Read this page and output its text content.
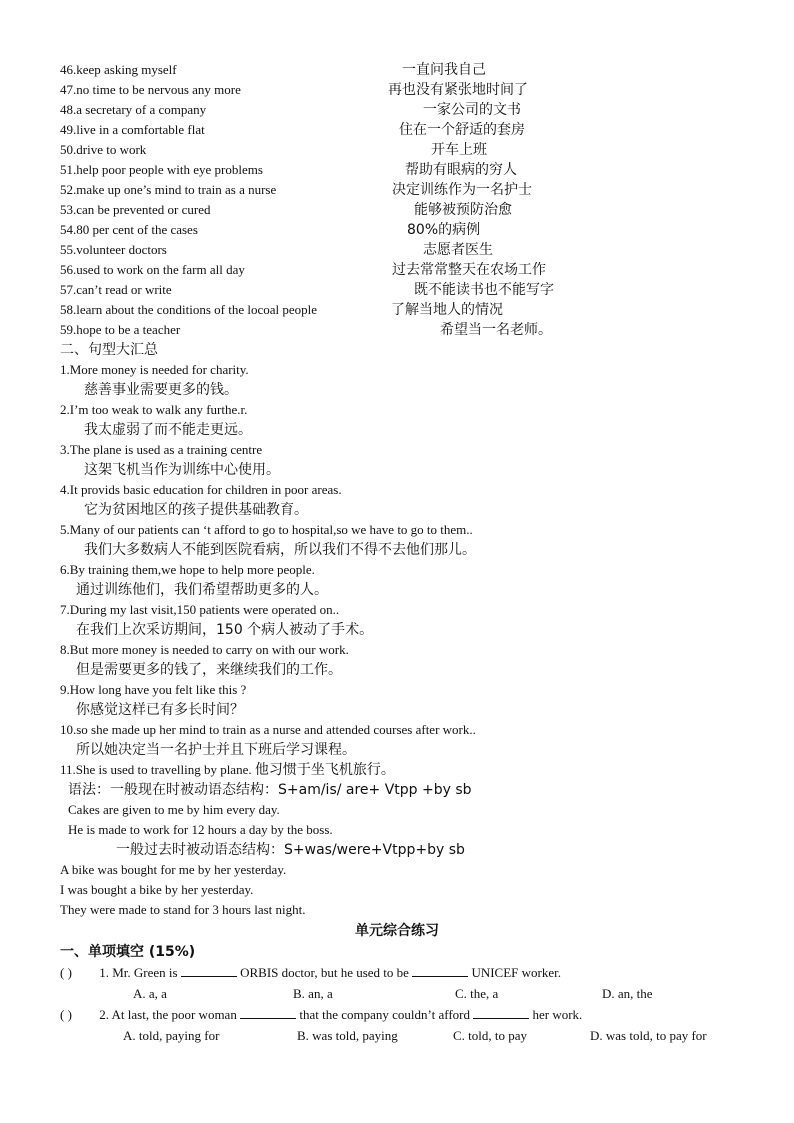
46.keep asking myself	一直问我自己
47.no time to be nervous any more	再也没有紧张地时间了
48.a secretary of a company	一家公司的文书
49.live in a comfortable flat	住在一个舒适的套房
50.drive to work	开车上班
51.help poor people with eye problems	帮助有眼病的穷人
52.make up one’s mind to train as a nurse	决定训练作为一名护士
53.can be prevented or cured	能够被预防治愈
54.80 per cent of the cases	80%的病例
55.volunteer doctors	志愿者医生
56.used to work on the farm all day	过去常常整天在农场工作
57.can’t read or write	既不能读书也不能写字
58.learn about the conditions of the locoal people	了解当地人的情况
59.hope to be a teacher	希望当一名老师。
二、句型大汇总
1.More money is needed for charity.
慈善事业需要更多的钱。
2.I’m too weak to walk any furthe.r.
我太虚弱了而不能走更远。
3.The plane is used as a training centre
这架飞机当作为训练中心使用。
4.It provids basic education for children in poor areas.
它为贫困地区的孩子提供基础教育。
5.Many of our patients can ‘t afford to go to hospital,so we have to go to them..
我们大多数病人不能到医院看病，所以我们不得不去他们那儿。
6.By training them,we hope to help more people.
通过训练他们，我们希望帮助更多的人。
7.During my last visit,150 patients were operated on..
在我们上次采访期间，150 个病人被动了手术。
8.But more money is needed to carry on with our work.
但是需要更多的钱了，来继续我们的工作。
9.How long have you felt like this ?
你感觉这样已有多长时间？
10.so she made up her mind to train as a nurse and attended courses after work..
所以她决定当一名护士并且下班后学习课程。
11.She is used to travelling by plane. 他习惯于坐飞机旅行。
语法：一般现在时被动语态结构：S+am/is/ are+ Vtpp +by sb
Cakes are given to me by him every day.
He is made to work for 12 hours a day by the boss.
一般过去时被动语态结构：S+was/were+Vtpp+by sb
A bike was bought for me by her yesterday.
I was bought a bike by her yesterday.
They were made to stand for 3 hours last night.
单元综合练习
一、单项填空 (15%)
( ) 1. Mr. Green is	ORBIS doctor, but he used to be	UNICEF worker.
A. a, a	B. an, a	C. the, a	D. an, the
( ) 2. At last, the poor woman	that the company couldn’t afford	her work.
A. told, paying for	B. was told, paying	C. told, to pay	D. was told, to pay for
